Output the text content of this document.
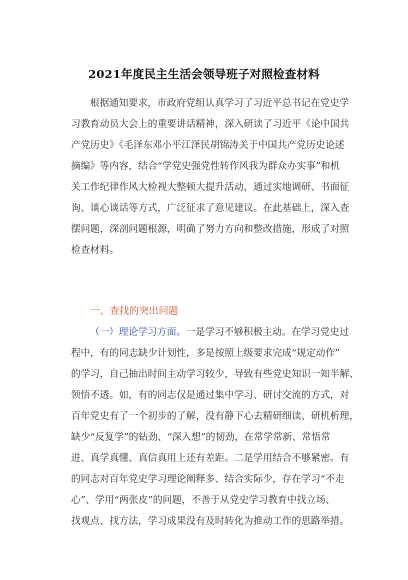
2021年度民主生活会领导班子对照检查材料
根据通知要求，市政府党组认真学习了习近平总书记在党史学
习教育动员大会上的重要讲话精神，深入研读了习近平《论中国共
产党历史》《毛泽东邓小平江泽民胡锦涛关于中国共产党历史论述
摘编》等内容，结合“学党史强党性转作风我为群众办实事”和机
关工作纪律作风大检视大整顿大提升活动，通过实地调研、书面征
询、谈心谈话等方式，广泛征求了意见建议。在此基础上，深入查
摆问题，深剖问题根源，明确了努力方向和整改措施，形成了对照
检查材料。
一、查找的突出问题
（一）理论学习方面。一是学习不够积极主动。在学习党史过
程中，有的同志缺少计划性，多是按照上级要求完成“规定动作”
的学习，自己抽出时间主动学习较少，导致有些党史知识一知半解、
领悟不透。如，有的同志仅是通过集中学习、研讨交流的方式，对
百年党史有了一个初步的了解，没有静下心去精研细读、研机析理，
缺少“反复学”的钻劲、“深入想”的韧劲，在常学常新、常悟常
进、真学真懂、真信真用上还有差距。二是学用结合不够紧密。有
的同志对百年党史学习理论阐释多、结合实际少，存在学习“不走
心”、学用“两张皮”的问题，不善于从党史学习教育中找立场、
找观点、找方法，学习成果没有及时转化为推动工作的思路举措。
